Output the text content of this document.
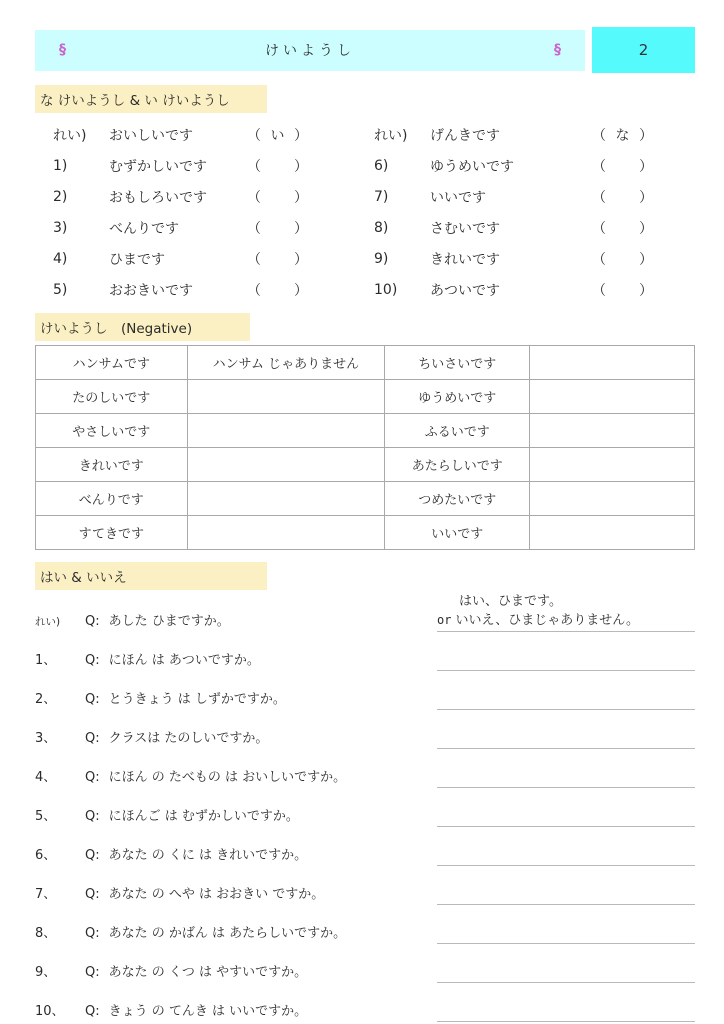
§	けいようし	§	2
な けいようし & い けいようし
れい)	おいしいです	（ い ）
1)	むずかしいです	（ ）
2)	おもしろいです	（ ）
3)	べんりです	（ ）
4)	ひまです	（ ）
5)	おおきいです	（ ）
れい)	げんきです	（ な ）
6)	ゆうめいです	（ ）
7)	いいです	（ ）
8)	さむいです	（ ）
9)	きれいです	（ ）
10)	あついです	（ ）
けいようし　(Negative)
ハンサムです	ハンサム じゃありません	ちいさいです	
たのしいです		ゆうめいです	
やさしいです		ふるいです	
きれいです		あたらしいです	
べんりです		つめたいです	
すてきです		いいです	
はい & いいえ
れい)	Q: あした ひまですか。
はい、ひまです。
or いいえ、ひまじゃありません。
1、	Q: にほん は あついですか。
2、	Q: とうきょう は しずかですか。
3、	Q: クラスは たのしいですか。
4、	Q: にほん の たべもの は おいしいですか。
5、	Q: にほんご は むずかしいですか。
6、	Q: あなた の くに は きれいですか。
7、	Q: あなた の へや は おおきい ですか。
8、	Q: あなた の かばん は あたらしいですか。
9、	Q: あなた の くつ は やすいですか。
10、	Q: きょう の てんき は いいですか。
